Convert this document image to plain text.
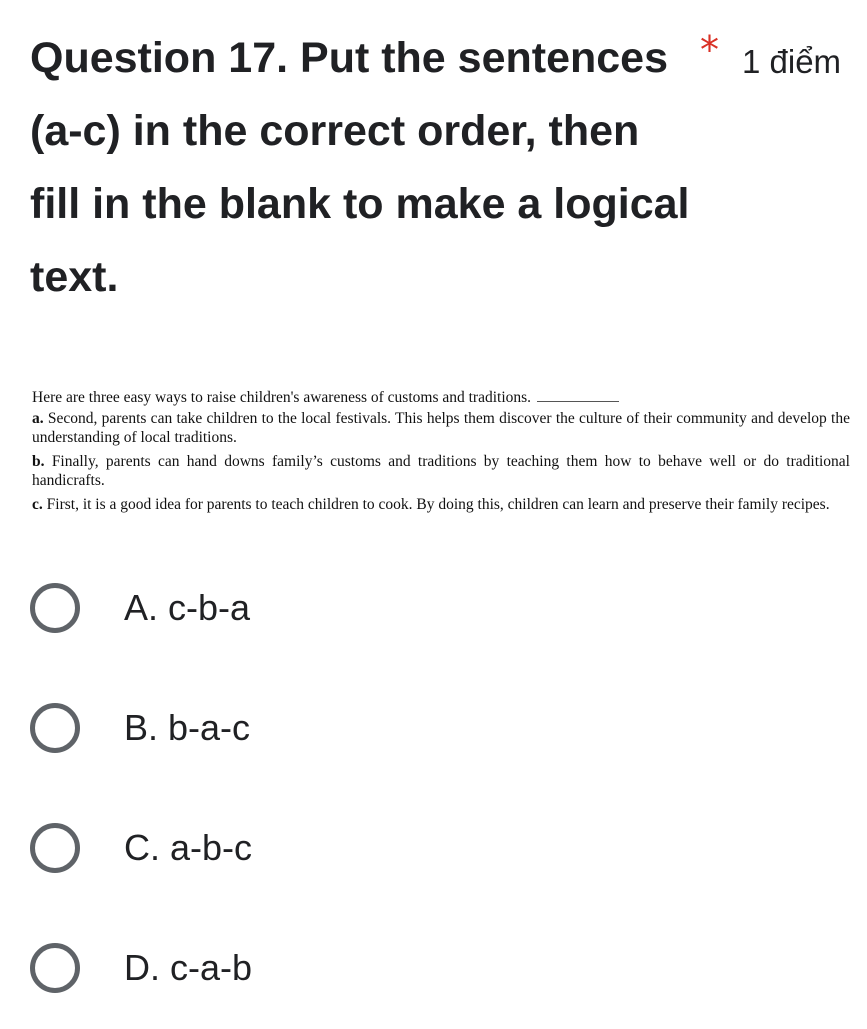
Question 17. Put the sentences (a-c) in the correct order, then fill in the blank to make a logical text.
* 1 điểm

Here are three easy ways to raise children's awareness of customs and traditions.

a. Second, parents can take children to the local festivals. This helps them discover the culture of their community and develop the understanding of local traditions.

b. Finally, parents can hand downs family’s customs and traditions by teaching them how to behave well or do traditional handicrafts.

c. First, it is a good idea for parents to teach children to cook. By doing this, children can learn and preserve their family recipes.

A. c-b-a
B. b-a-c
C. a-b-c
D. c-a-b
